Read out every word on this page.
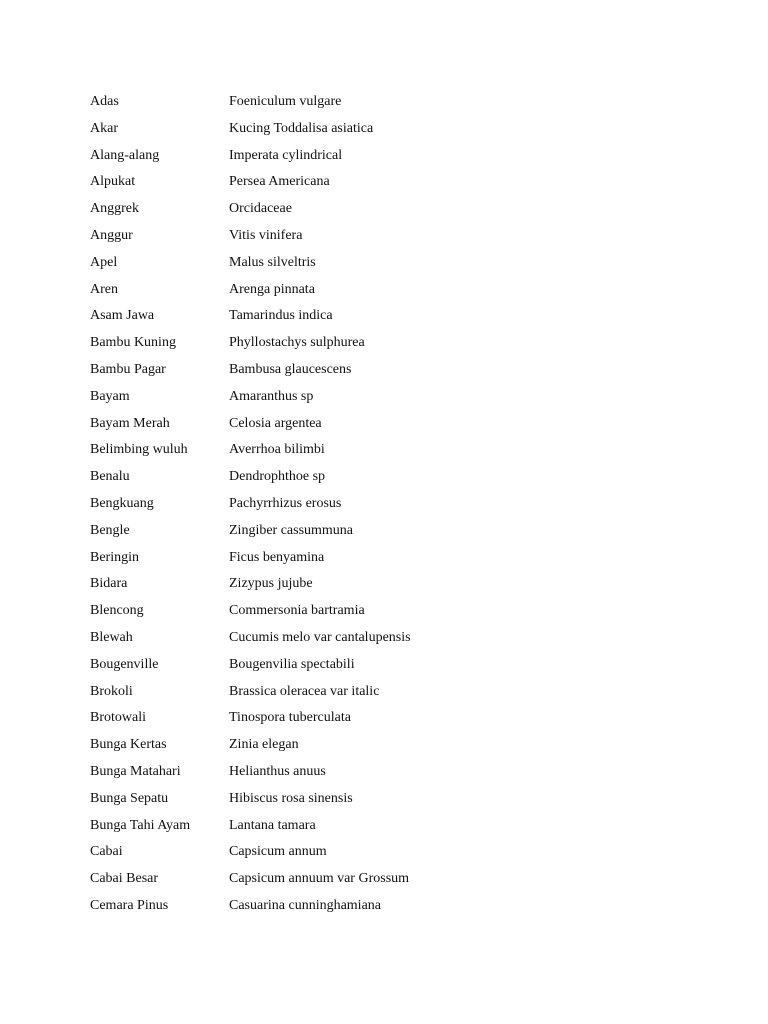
Adas	Foeniculum vulgare
Akar	Kucing Toddalisa asiatica
Alang-alang	Imperata cylindrical
Alpukat	Persea Americana
Anggrek	Orcidaceae
Anggur	Vitis vinifera
Apel	Malus silveltris
Aren	Arenga pinnata
Asam Jawa	Tamarindus indica
Bambu Kuning	Phyllostachys sulphurea
Bambu Pagar	Bambusa glaucescens
Bayam	Amaranthus sp
Bayam Merah	Celosia argentea
Belimbing wuluh	Averrhoa bilimbi
Benalu	Dendrophthoe sp
Bengkuang	Pachyrrhizus erosus
Bengle	Zingiber cassummuna
Beringin	Ficus benyamina
Bidara	Zizypus jujube
Blencong	Commersonia bartramia
Blewah	Cucumis melo var cantalupensis
Bougenville	Bougenvilia spectabili
Brokoli	Brassica oleracea var italic
Brotowali	Tinospora tuberculata
Bunga Kertas	Zinia elegan
Bunga Matahari	Helianthus anuus
Bunga Sepatu	Hibiscus rosa sinensis
Bunga Tahi Ayam	Lantana tamara
Cabai	Capsicum annum
Cabai Besar	Capsicum annuum var Grossum
Cemara Pinus	Casuarina cunninghamiana
